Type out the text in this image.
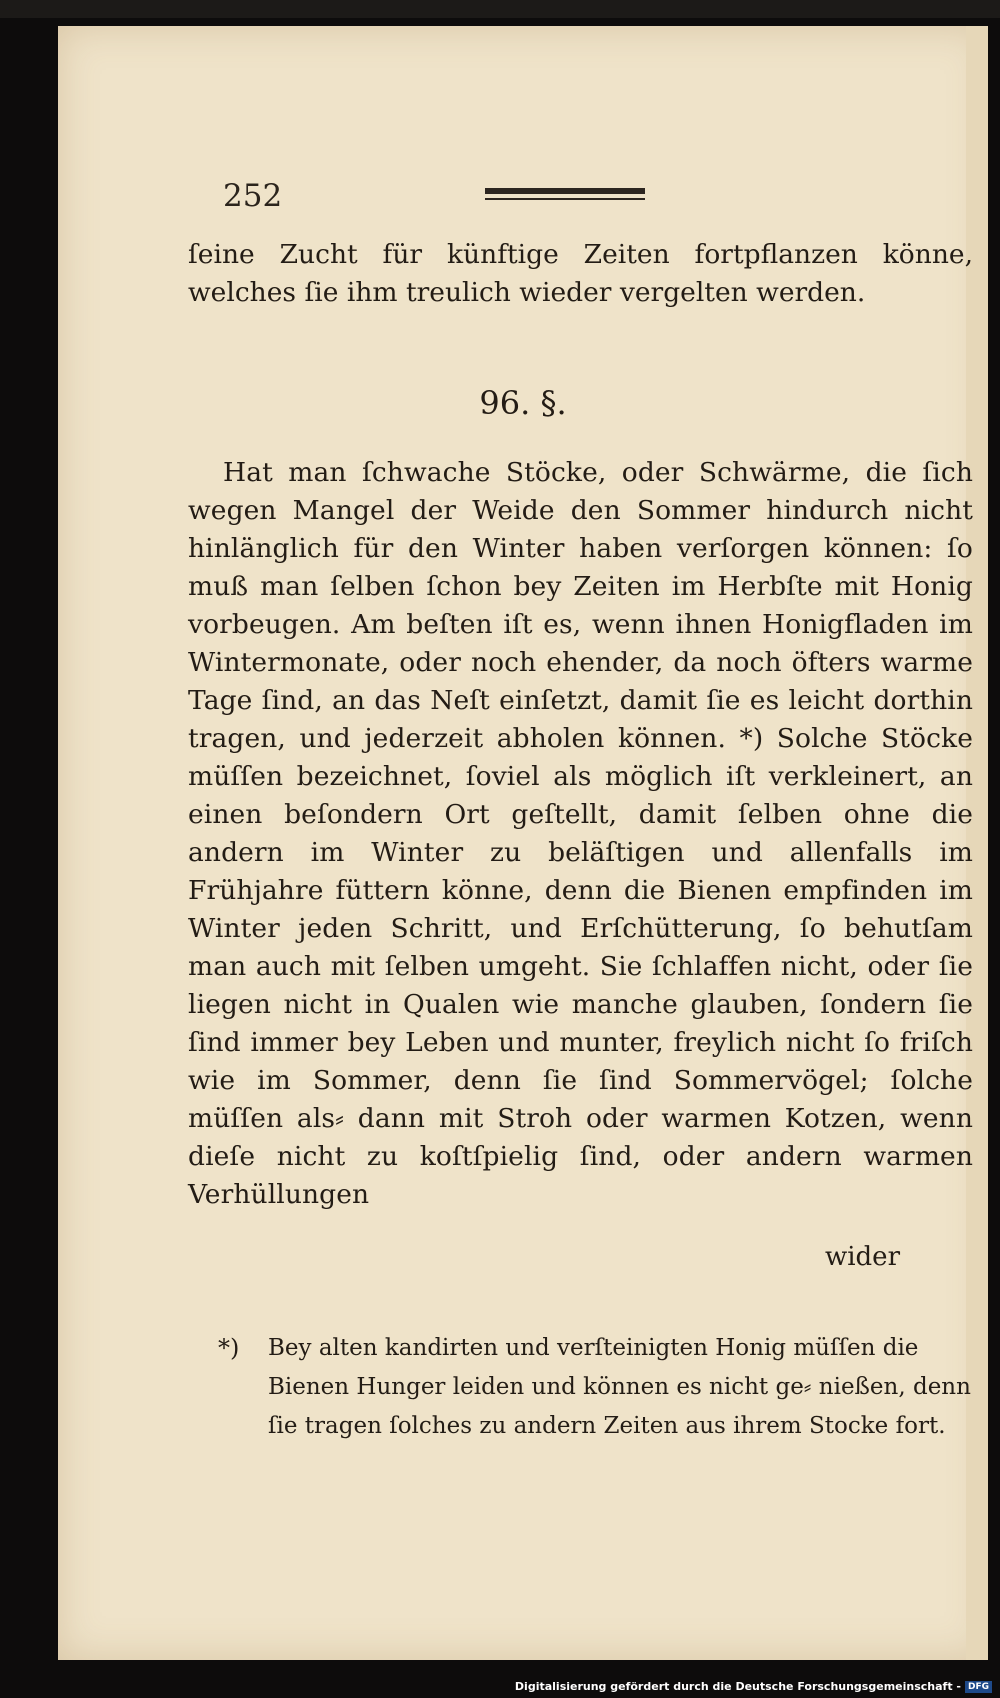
252

ſeine Zucht für künftige Zeiten fortpflanzen könne, welches ſie ihm treulich wieder vergelten werden.

96. §.

Hat man ſchwache Stöcke, oder Schwärme, die ſich wegen Mangel der Weide den Sommer hindurch nicht hinlänglich für den Winter haben verſorgen können: ſo muß man ſelben ſchon bey Zeiten im Herbſte mit Honig vorbeugen. Am beſten iſt es, wenn ihnen Honigfladen im Wintermonate, oder noch ehender, da noch öfters warme Tage ſind, an das Neſt einſetzt, damit ſie es leicht dorthin tragen, und jederzeit abholen können. *) Solche Stöcke müſſen bezeichnet, ſoviel als möglich iſt verkleinert, an einen beſondern Ort geſtellt, damit ſelben ohne die andern im Winter zu beläſtigen und allenfalls im Frühjahre füttern könne, denn die Bienen empfinden im Winter jeden Schritt, und Erſchütterung, ſo behutſam man auch mit ſelben umgeht. Sie ſchlaffen nicht, oder ſie liegen nicht in Qualen wie manche glauben, ſondern ſie ſind immer bey Leben und munter, freylich nicht ſo friſch wie im Sommer, denn ſie ſind Sommervögel; ſolche müſſen als⸗ dann mit Stroh oder warmen Kotzen, wenn dieſe nicht zu koſtſpielig ſind, oder andern warmen Verhüllungen

wider
*) Bey alten kandirten und verſteinigten Honig müſſen die Bienen Hunger leiden und können es nicht ge⸗ nießen, denn ſie tragen ſolches zu andern Zeiten aus ihrem Stocke fort.
Digitalisierung gefördert durch die Deutsche Forschungsgemeinschaft - DFG
